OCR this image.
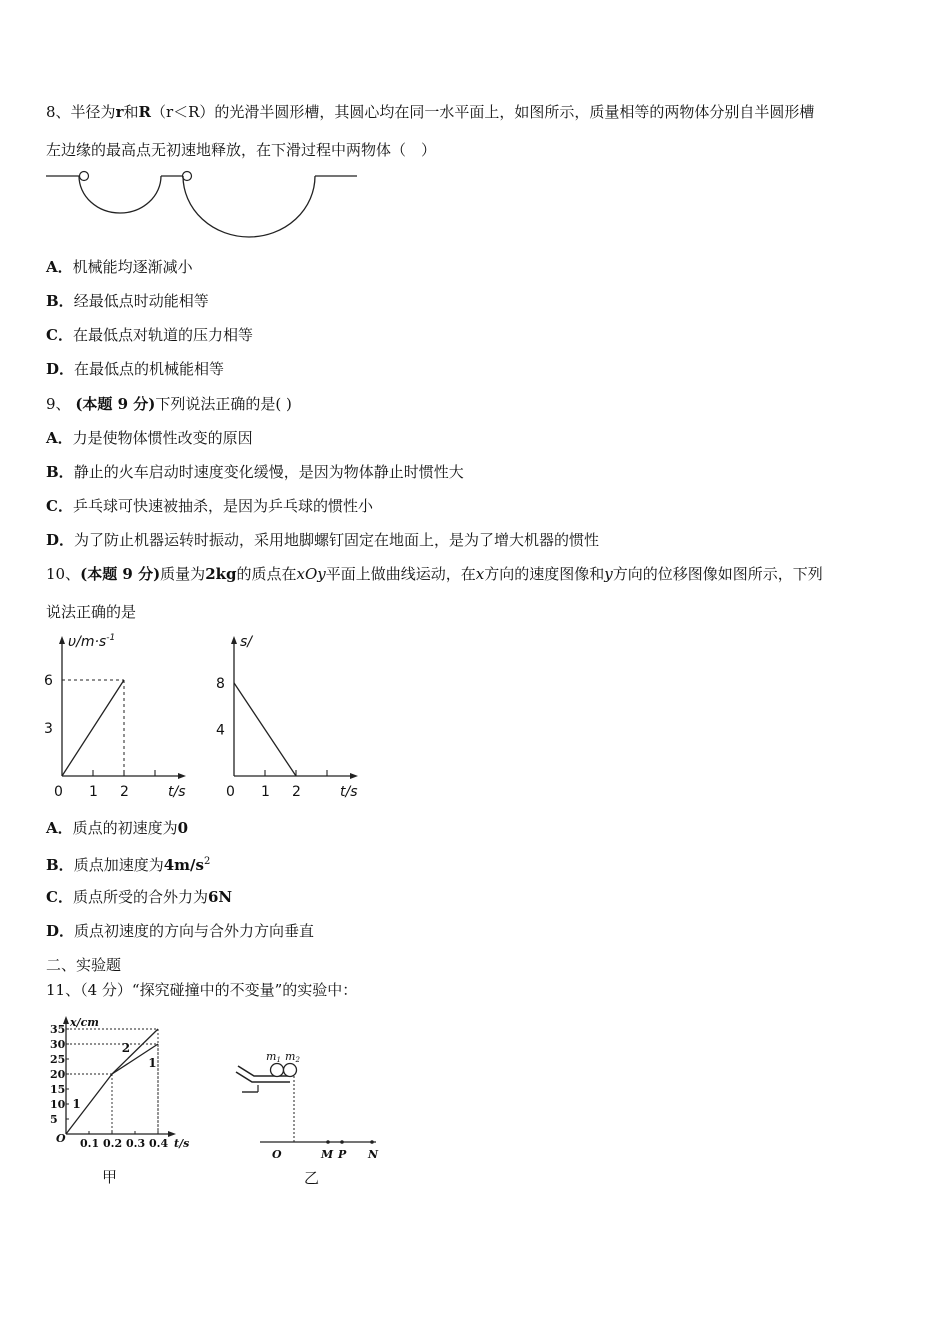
8、半径为r和R（r＜R）的光滑半圆形槽，其圆心均在同一水平面上，如图所示，质量相等的两物体分别自半圆形槽
左边缘的最高点无初速地释放，在下滑过程中两物体（　）
A．机械能均逐渐减小
B．经最低点时动能相等
C．在最低点对轨道的压力相等
D．在最低点的机械能相等
9、 (本题 9 分)下列说法正确的是( )
A．力是使物体惯性改变的原因
B．静止的火车启动时速度变化缓慢，是因为物体静止时惯性大
C．乒乓球可快速被抽杀，是因为乒乓球的惯性小
D．为了防止机器运转时振动，采用地脚螺钉固定在地面上，是为了增大机器的惯性
10、(本题 9 分)质量为2kg的质点在xOy平面上做曲线运动，在x方向的速度图像和y方向的位移图像如图所示，下列
说法正确的是
0 1 2
3
6
$\upsilon/m\cdot s^{-1}$
t/s	0 1 2
4
8
s/
t/s
A．质点的初速度为0
B．质点加速度为$4m/s^2$
C．质点所受的合外力为6N
D．质点初速度的方向与合外力方向垂直
二、实验题
11、（4 分）“探究碰撞中的不变量”的实验中：
5
10
15
20
25
30
35
0.1 0.2 0.3 0.4
O	t/s
x/cm
1
2
1
甲
m1 m2
O	M P N
乙
